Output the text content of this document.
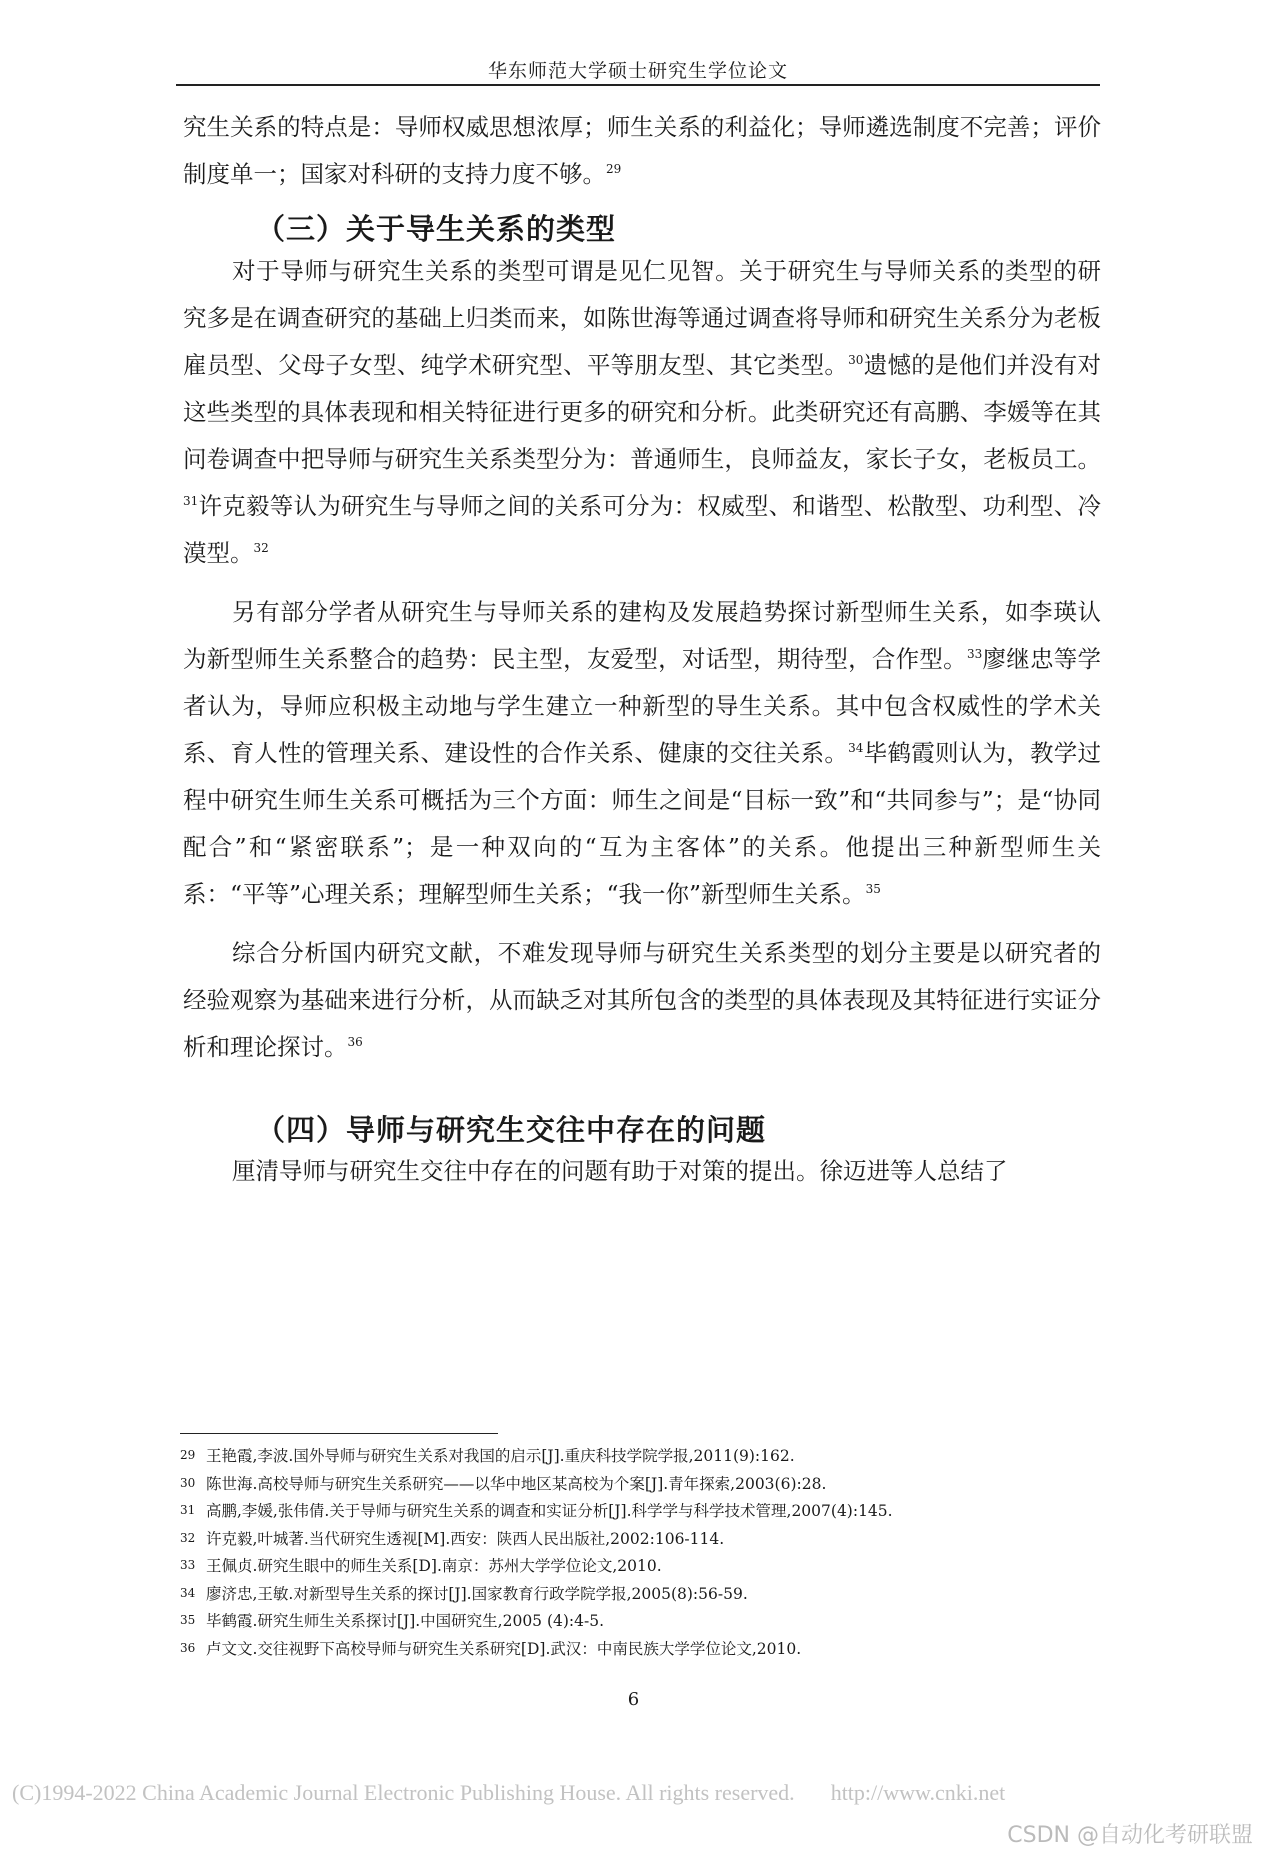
华东师范大学硕士研究生学位论文

究生关系的特点是：导师权威思想浓厚；师生关系的利益化；导师遴选制度不完善；评价制度单一；国家对科研的支持力度不够。$^{29}$

（三）关于导生关系的类型

对于导师与研究生关系的类型可谓是见仁见智。关于研究生与导师关系的类型的研究多是在调查研究的基础上归类而来，如陈世海等通过调查将导师和研究生关系分为老板雇员型、父母子女型、纯学术研究型、平等朋友型、其它类型。$^{30}$遗憾的是他们并没有对这些类型的具体表现和相关特征进行更多的研究和分析。此类研究还有高鹏、李媛等在其问卷调查中把导师与研究生关系类型分为：普通师生，良师益友，家长子女，老板员工。$^{31}$许克毅等认为研究生与导师之间的关系可分为：权威型、和谐型、松散型、功利型、冷漠型。$^{32}$

另有部分学者从研究生与导师关系的建构及发展趋势探讨新型师生关系，如李瑛认为新型师生关系整合的趋势：民主型，友爱型，对话型，期待型，合作型。$^{33}$廖继忠等学者认为，导师应积极主动地与学生建立一种新型的导生关系。其中包含权威性的学术关系、育人性的管理关系、建设性的合作关系、健康的交往关系。$^{34}$毕鹤霞则认为，教学过程中研究生师生关系可概括为三个方面：师生之间是“目标一致”和“共同参与”；是“协同配合”和“紧密联系”；是一种双向的“互为主客体”的关系。他提出三种新型师生关系：“平等”心理关系；理解型师生关系；“我一你”新型师生关系。$^{35}$

综合分析国内研究文献，不难发现导师与研究生关系类型的划分主要是以研究者的经验观察为基础来进行分析，从而缺乏对其所包含的类型的具体表现及其特征进行实证分析和理论探讨。$^{36}$

（四）导师与研究生交往中存在的问题

厘清导师与研究生交往中存在的问题有助于对策的提出。徐迈进等人总结了

29 王艳霞,李波.国外导师与研究生关系对我国的启示[J].重庆科技学院学报,2011(9):162.
30 陈世海.高校导师与研究生关系研究——以华中地区某高校为个案[J].青年探索,2003(6):28.
31 高鹏,李媛,张伟倩.关于导师与研究生关系的调查和实证分析[J].科学学与科学技术管理,2007(4):145.
32 许克毅,叶城著.当代研究生透视[M].西安：陕西人民出版社,2002:106-114.
33 王佩贞.研究生眼中的师生关系[D].南京：苏州大学学位论文,2010.
34 廖济忠,王敏.对新型导生关系的探讨[J].国家教育行政学院学报,2005(8):56-59.
35 毕鹤霞.研究生师生关系探讨[J].中国研究生,2005 (4):4-5.
36 卢文文.交往视野下高校导师与研究生关系研究[D].武汉：中南民族大学学位论文,2010.
6
(C)1994-2022 China Academic Journal Electronic Publishing House. All rights reserved. http://www.cnki.net
CSDN @自动化考研联盟
